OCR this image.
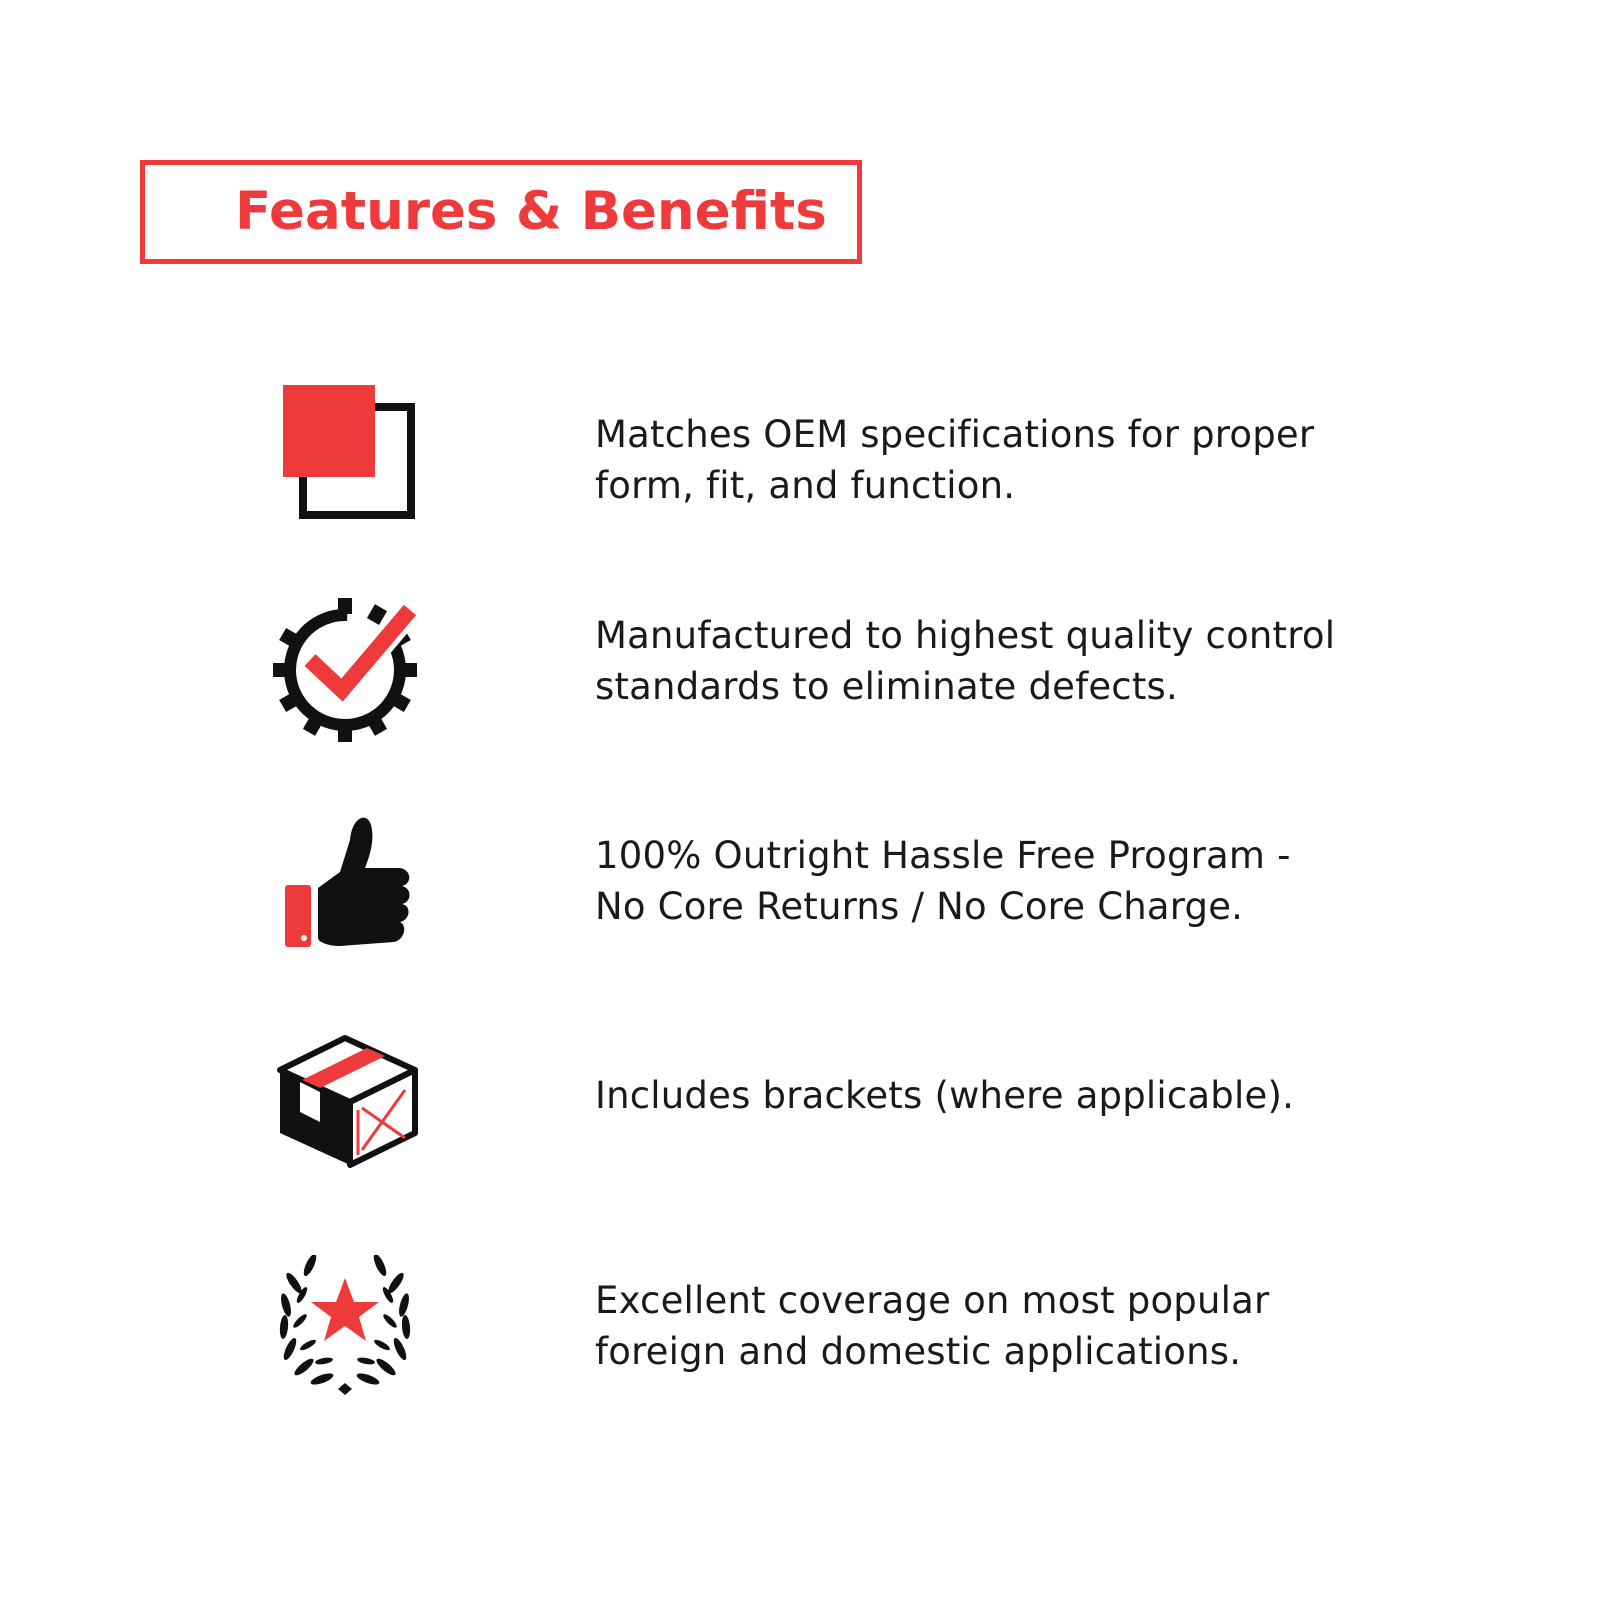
Features & Benefits
Matches OEM specifications for proper
form, fit, and function.
Manufactured to highest quality control
standards to eliminate defects.
100% Outright Hassle Free Program -
No Core Returns / No Core Charge.
Includes brackets (where applicable).
Excellent coverage on most popular
foreign and domestic applications.
